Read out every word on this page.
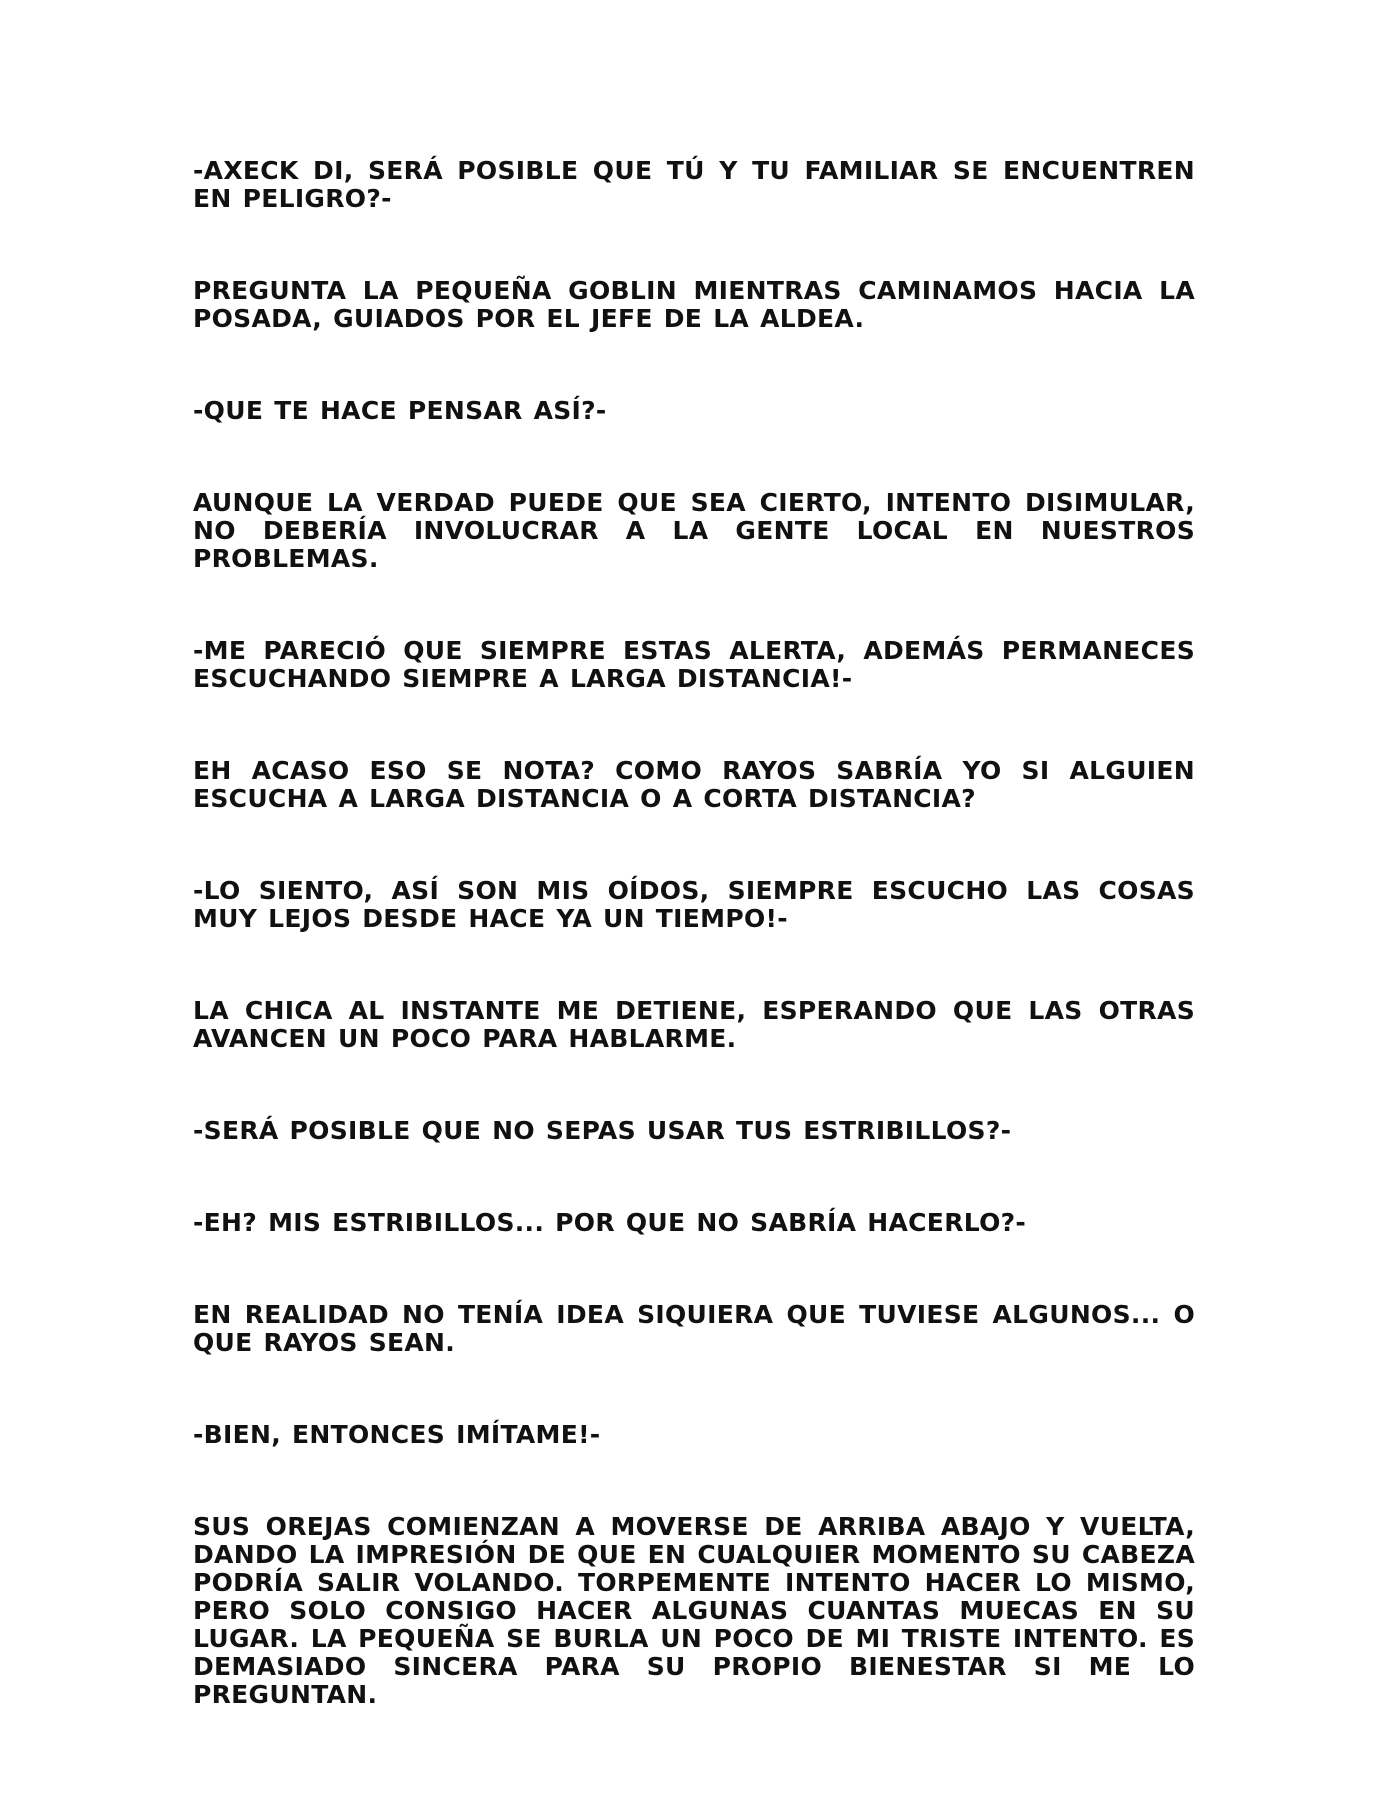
-AXECK DI, SERÁ POSIBLE QUE TÚ Y TU FAMILIAR SE ENCUENTREN EN PELIGRO?-

PREGUNTA LA PEQUEÑA GOBLIN MIENTRAS CAMINAMOS HACIA LA POSADA, GUIADOS POR EL JEFE DE LA ALDEA.

-QUE TE HACE PENSAR ASÍ?-

AUNQUE LA VERDAD PUEDE QUE SEA CIERTO, INTENTO DISIMULAR, NO DEBERÍA INVOLUCRAR A LA GENTE LOCAL EN NUESTROS PROBLEMAS.

-ME PARECIÓ QUE SIEMPRE ESTAS ALERTA, ADEMÁS PERMANECES ESCUCHANDO SIEMPRE A LARGA DISTANCIA!-

EH ACASO ESO SE NOTA? COMO RAYOS SABRÍA YO SI ALGUIEN ESCUCHA A LARGA DISTANCIA O A CORTA DISTANCIA?

-LO SIENTO, ASÍ SON MIS OÍDOS, SIEMPRE ESCUCHO LAS COSAS MUY LEJOS DESDE HACE YA UN TIEMPO!-

LA CHICA AL INSTANTE ME DETIENE, ESPERANDO QUE LAS OTRAS AVANCEN UN POCO PARA HABLARME.

-SERÁ POSIBLE QUE NO SEPAS USAR TUS ESTRIBILLOS?-

-EH? MIS ESTRIBILLOS... POR QUE NO SABRÍA HACERLO?-

EN REALIDAD NO TENÍA IDEA SIQUIERA QUE TUVIESE ALGUNOS... O QUE RAYOS SEAN.

-BIEN, ENTONCES IMÍTAME!-

SUS OREJAS COMIENZAN A MOVERSE DE ARRIBA ABAJO Y VUELTA, DANDO LA IMPRESIÓN DE QUE EN CUALQUIER MOMENTO SU CABEZA PODRÍA SALIR VOLANDO. TORPEMENTE INTENTO HACER LO MISMO, PERO SOLO CONSIGO HACER ALGUNAS CUANTAS MUECAS EN SU LUGAR. LA PEQUEÑA SE BURLA UN POCO DE MI TRISTE INTENTO. ES DEMASIADO SINCERA PARA SU PROPIO BIENESTAR SI ME LO PREGUNTAN.
